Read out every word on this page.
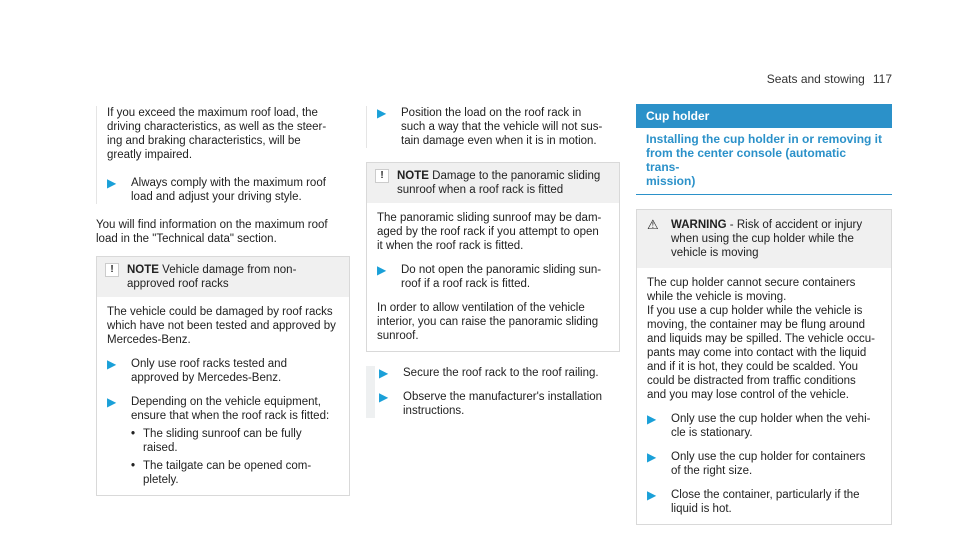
Seats and stowing 117

If you exceed the maximum roof load, the
driving characteristics, as well as the steer-
ing and braking characteristics, will be
greatly impaired.

▶	Always comply with the maximum roof
load and adjust your driving style.

You will find information on the maximum roof
load in the "Technical data" section.

!	NOTE Vehicle damage from non-
approved roof racks

The vehicle could be damaged by roof racks
which have not been tested and approved by
Mercedes-Benz.

▶	Only use roof racks tested and
approved by Mercedes-Benz.

▶	Depending on the vehicle equipment,
ensure that when the roof rack is fitted:

• The sliding sunroof can be fully
raised.
• The tailgate can be opened com-
pletely.
▶	Position the load on the roof rack in
such a way that the vehicle will not sus-
tain damage even when it is in motion.

!	NOTE Damage to the panoramic sliding
sunroof when a roof rack is fitted

The panoramic sliding sunroof may be dam-
aged by the roof rack if you attempt to open
it when the roof rack is fitted.

▶	Do not open the panoramic sliding sun-
roof if a roof rack is fitted.

In order to allow ventilation of the vehicle
interior, you can raise the panoramic sliding
sunroof.

▶	Secure the roof rack to the roof railing.

▶	Observe the manufacturer's installation
instructions.

Cup holder
Installing the cup holder in or removing it
from the center console (automatic trans-
mission)
⚠ WARNING - Risk of accident or injury
when using the cup holder while the
vehicle is moving

The cup holder cannot secure containers
while the vehicle is moving.
If you use a cup holder while the vehicle is
moving, the container may be flung around
and liquids may be spilled. The vehicle occu-
pants may come into contact with the liquid
and if it is hot, they could be scalded. You
could be distracted from traffic conditions
and you may lose control of the vehicle.

▶	Only use the cup holder when the vehi-
cle is stationary.

▶	Only use the cup holder for containers
of the right size.

▶	Close the container, particularly if the
liquid is hot.
